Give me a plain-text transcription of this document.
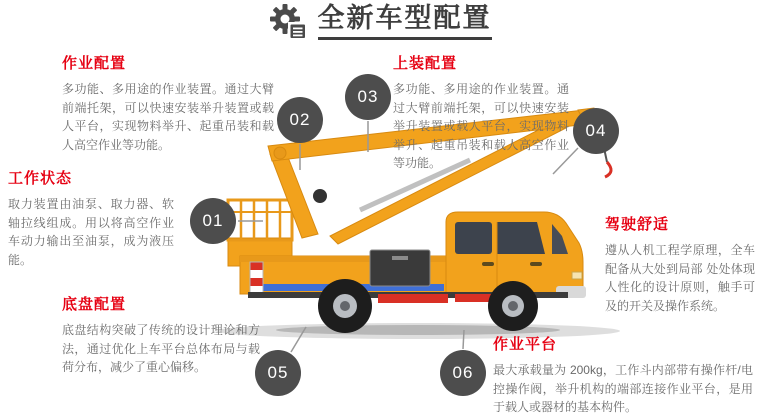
全新车型配置
作业配置

多功能、多用途的作业装置。通过大臂前端托架，可以快速安装举升装置或载人平台，实现物料举升、起重吊装和载人高空作业等功能。

上装配置

多功能、多用途的作业装置。通过大臂前端托架，可以快速安装举升装置或载人平台，实现物料举升、起重吊装和载人高空作业等功能。

工作状态

取力装置由油泵、取力器、软轴拉线组成。用以将高空作业车动力输出至油泵，成为液压能。

底盘配置

底盘结构突破了传统的设计理论和方法，通过优化上车平台总体布局与载荷分布，减少了重心偏移。

驾驶舒适

遵从人机工程学原理，全车配备从大处到局部 处处体现人性化的设计原则，触手可及的开关及操作系统。

作业平台

最大承载量为 200kg，工作斗内部带有操作杆/电控操作阀，举升机构的端部连接作业平台，是用于载人或器材的基本构件。

01
02
03
04
05	06
